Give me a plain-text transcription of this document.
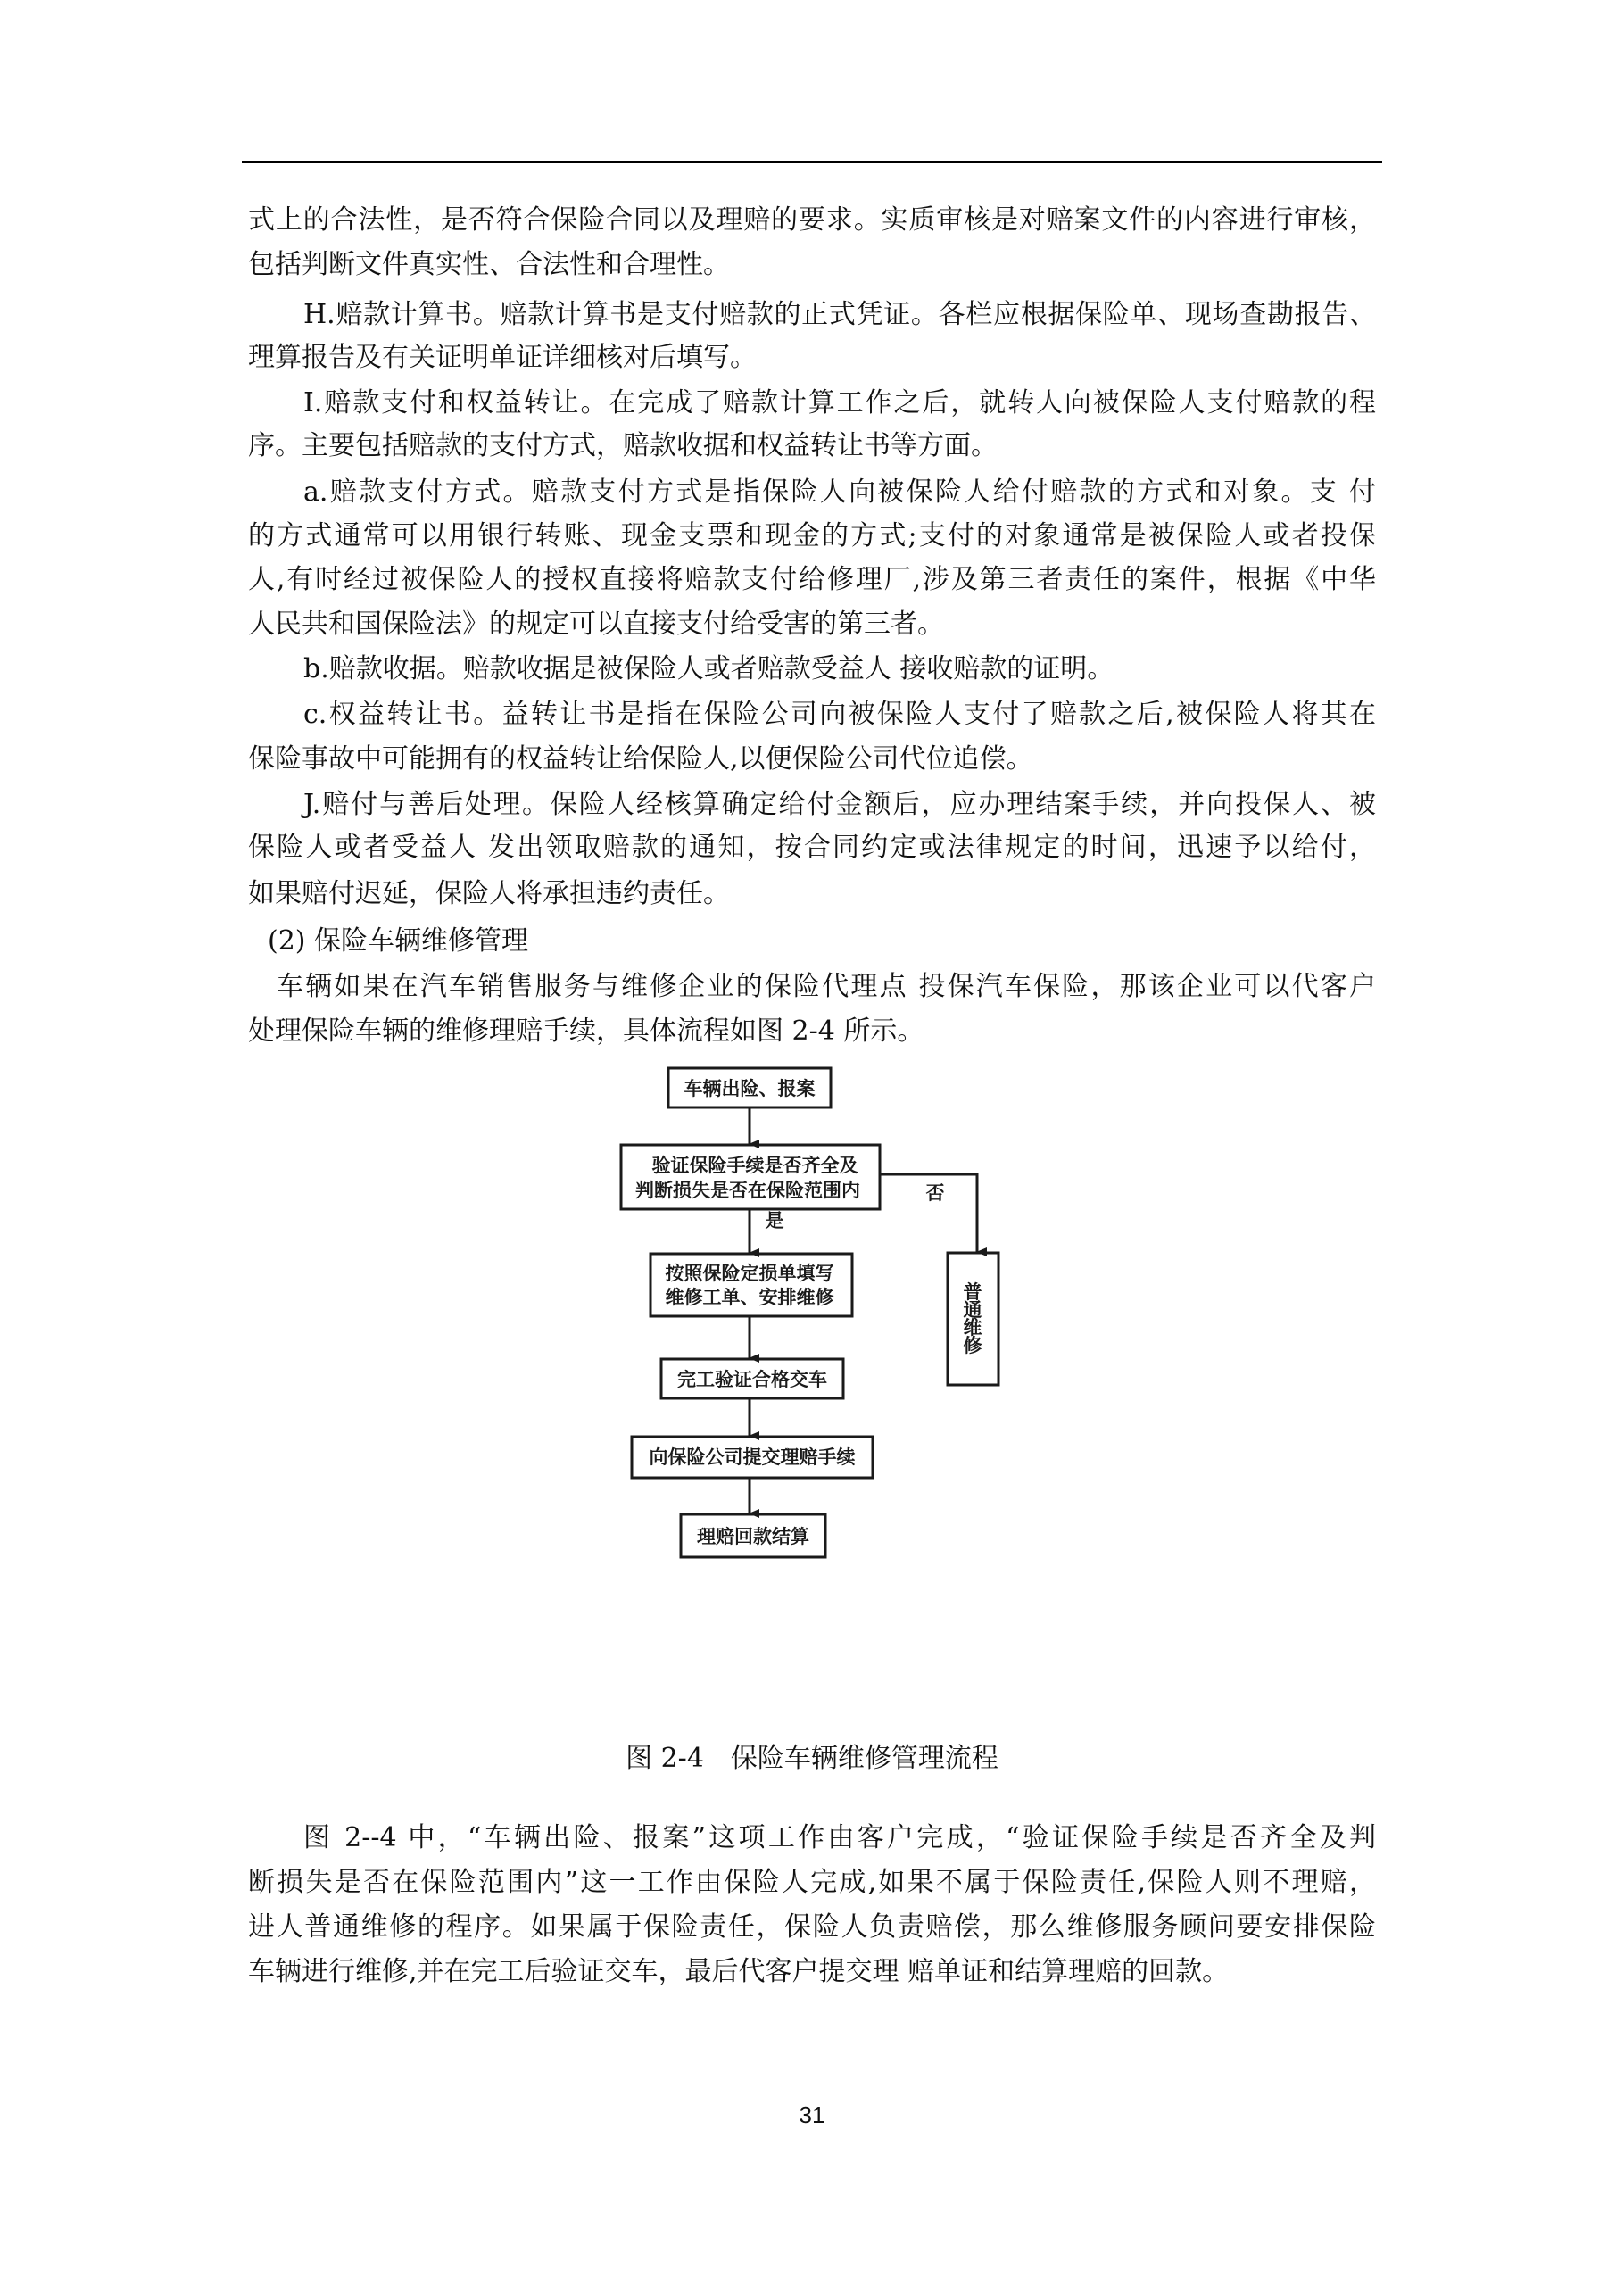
式上的合法性，是否符合保险合同以及理赔的要求。实质审核是对赔案文件的内容进行审核，
包括判断文件真实性、合法性和合理性。
H.赔款计算书。赔款计算书是支付赔款的正式凭证。各栏应根据保险单、现场查勘报告、
理算报告及有关证明单证详细核对后填写。
I.赔款支付和权益转让。在完成了赔款计算工作之后，就转人向被保险人支付赔款的程
序。主要包括赔款的支付方式，赔款收据和权益转让书等方面。
a.赔款支付方式。赔款支付方式是指保险人向被保险人给付赔款的方式和对象。支 付
的方式通常可以用银行转账、现金支票和现金的方式;支付的对象通常是被保险人或者投保
人,有时经过被保险人的授权直接将赔款支付给修理厂,涉及第三者责任的案件，根据《中华
人民共和国保险法》的规定可以直接支付给受害的第三者。
b.赔款收据。赔款收据是被保险人或者赔款受益人 接收赔款的证明。
c.权益转让书。益转让书是指在保险公司向被保险人支付了赔款之后,被保险人将其在
保险事故中可能拥有的权益转让给保险人,以便保险公司代位追偿。
J.赔付与善后处理。保险人经核算确定给付金额后，应办理结案手续，并向投保人、被
保险人或者受益人 发出领取赔款的通知，按合同约定或法律规定的时间，迅速予以给付，
如果赔付迟延，保险人将承担违约责任。
(2) 保险车辆维修管理
车辆如果在汽车销售服务与维修企业的保险代理点 投保汽车保险，那该企业可以代客户
处理保险车辆的维修理赔手续，具体流程如图 2-4 所示。
车辆出险、报案
验证保险手续是否齐全及
判断损失是否在保险范围内
按照保险定损单填写
维修工单、安排维修
完工验证合格交车
向保险公司提交理赔手续
理赔回款结算
是
否
普
通
维
修
图 2-4　保险车辆维修管理流程
图 2--4 中，“车辆出险、报案”这项工作由客户完成，“验证保险手续是否齐全及判
断损失是否在保险范围内”这一工作由保险人完成,如果不属于保险责任,保险人则不理赔，
进人普通维修的程序。如果属于保险责任，保险人负责赔偿，那么维修服务顾问要安排保险
车辆进行维修,并在完工后验证交车，最后代客户提交理 赔单证和结算理赔的回款。
31
